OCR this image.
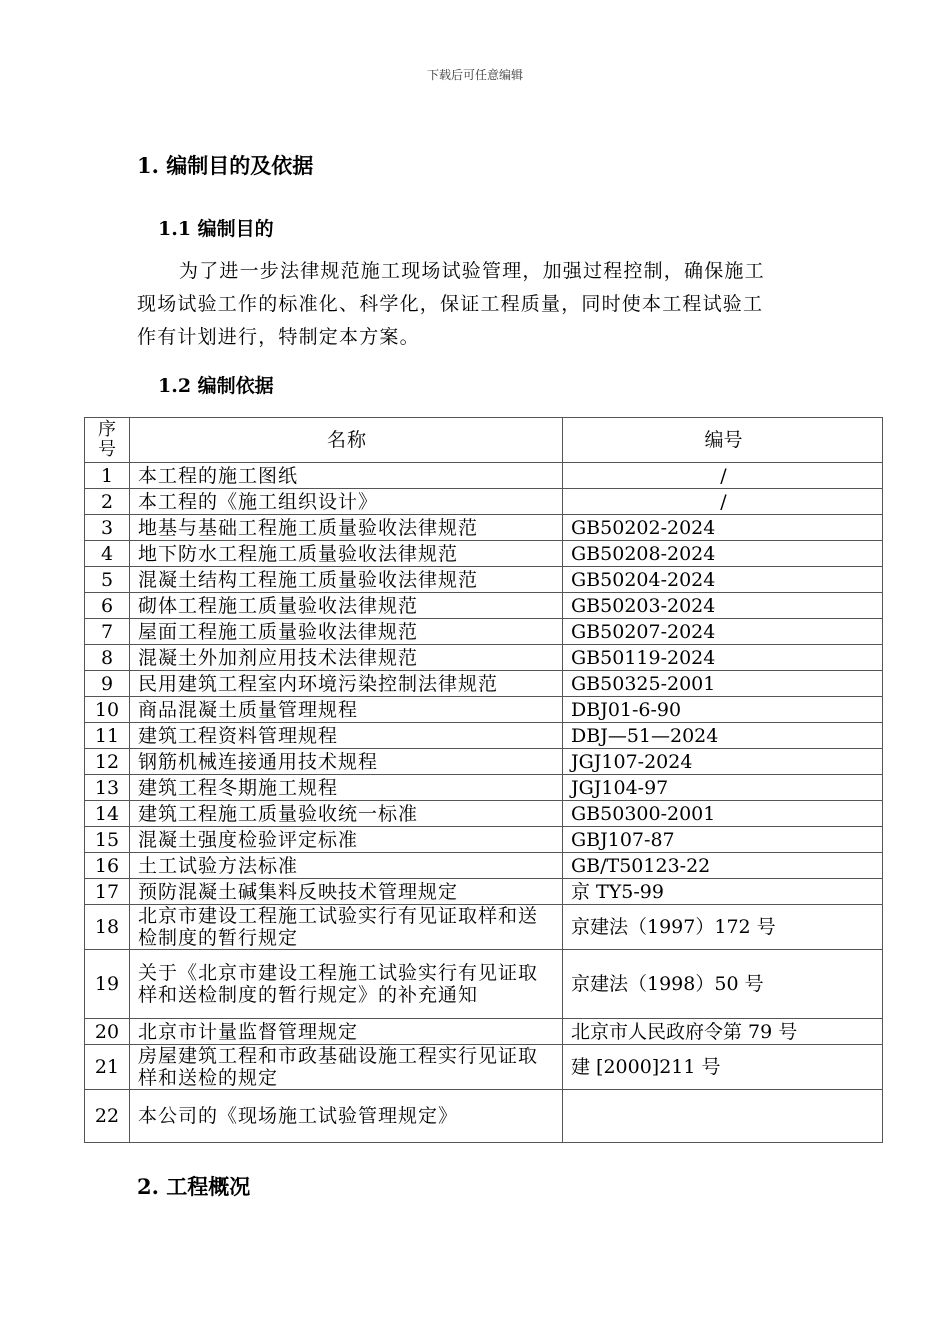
下载后可任意编辑
1. 编制目的及依据
1.1 编制目的
为了进一步法律规范施工现场试验管理，加强过程控制，确保施工
现场试验工作的标准化、科学化，保证工程质量，同时使本工程试验工
作有计划进行，特制定本方案。
1.2 编制依据
序号	名称	编号
1	本工程的施工图纸	/
2	本工程的《施工组织设计》	/
3	地基与基础工程施工质量验收法律规范	GB50202-2024
4	地下防水工程施工质量验收法律规范	GB50208-2024
5	混凝土结构工程施工质量验收法律规范	GB50204-2024
6	砌体工程施工质量验收法律规范	GB50203-2024
7	屋面工程施工质量验收法律规范	GB50207-2024
8	混凝土外加剂应用技术法律规范	GB50119-2024
9	民用建筑工程室内环境污染控制法律规范	GB50325-2001
10	商品混凝土质量管理规程	DBJ01-6-90
11	建筑工程资料管理规程	DBJ—51—2024
12	钢筋机械连接通用技术规程	JGJ107-2024
13	建筑工程冬期施工规程	JGJ104-97
14	建筑工程施工质量验收统一标准	GB50300-2001
15	混凝土强度检验评定标准	GBJ107-87
16	土工试验方法标准	GB/T50123-22
17	预防混凝土碱集料反映技术管理规定	京 TY5-99
18	北京市建设工程施工试验实行有见证取样和送检制度的暂行规定	京建法（1997）172 号
19	关于《北京市建设工程施工试验实行有见证取样和送检制度的暂行规定》的补充通知	京建法（1998）50 号
20	北京市计量监督管理规定	北京市人民政府令第 79 号
21	房屋建筑工程和市政基础设施工程实行见证取样和送检的规定	建 [2000]211 号
22	本公司的《现场施工试验管理规定》	
2. 工程概况
